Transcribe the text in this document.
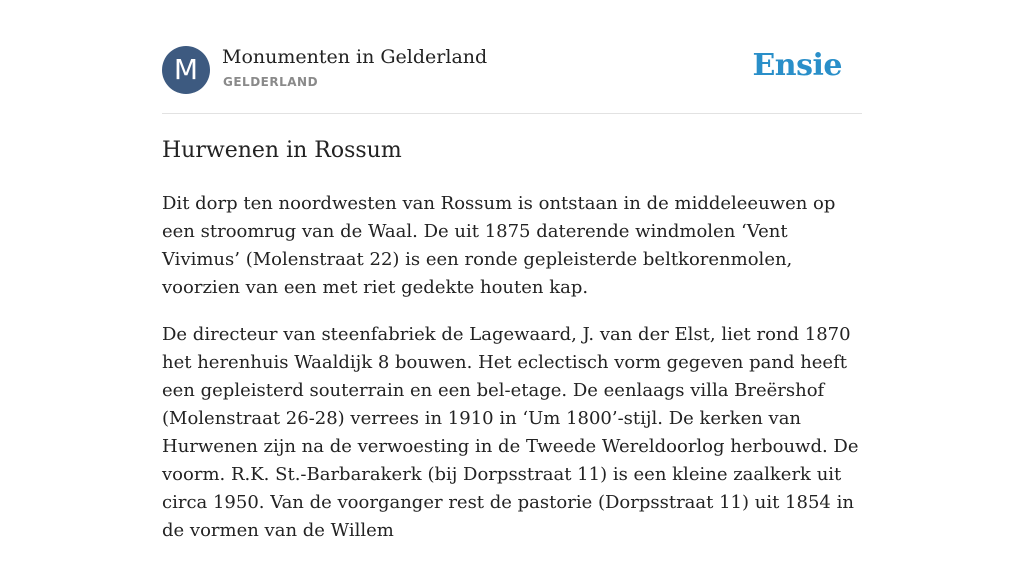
M	Monumenten in Gelderland
GELDERLAND	Ensie
Hurwenen in Rossum

Dit dorp ten noordwesten van Rossum is ontstaan in de middeleeuwen op een stroomrug van de Waal. De uit 1875 daterende windmolen ‘Vent Vivimus’ (Molenstraat 22) is een ronde gepleisterde beltkorenmolen, voorzien van een met riet gedekte houten kap.

De directeur van steenfabriek de Lagewaard, J. van der Elst, liet rond 1870 het herenhuis Waaldijk 8 bouwen. Het eclectisch vorm gegeven pand heeft een gepleisterd souterrain en een bel-etage. De eenlaags villa Breërshof (Molenstraat 26-28) verrees in 1910 in ‘Um 1800’-stijl. De kerken van Hurwenen zijn na de verwoesting in de Tweede Wereldoorlog herbouwd. De voorm. R.K. St.-Barbarakerk (bij Dorpsstraat 11) is een kleine zaalkerk uit circa 1950. Van de voorganger rest de pastorie (Dorpsstraat 11) uit 1854 in de vormen van de Willem
